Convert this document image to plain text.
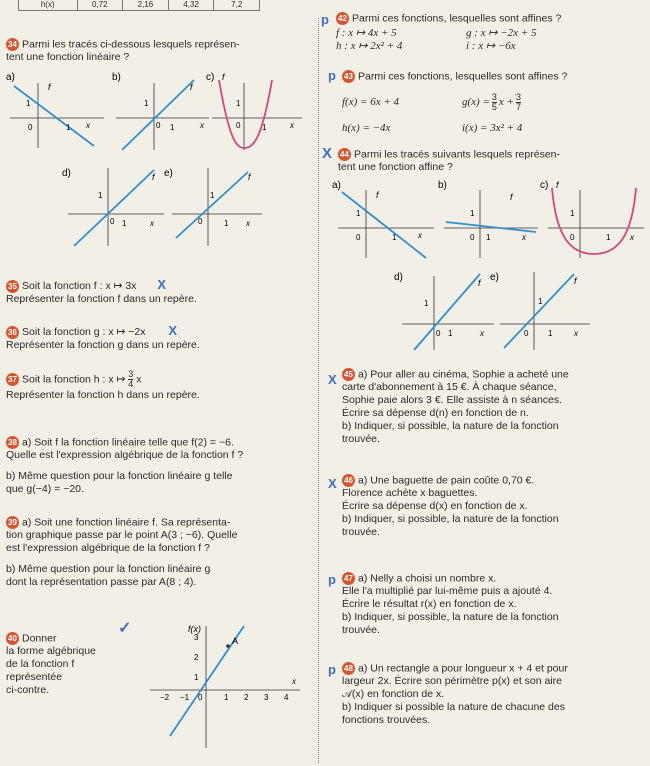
h(x)	0,72	2,16	4,32	7,2
34 Parmi les tracés ci-dessous lesquels représen-
tent une fonction linéaire ?
a)
f
1
0	1 x
b)
f
1
0 1	x
c) f
1
0	1	x
d)	f
1
0 1	x
e)	f
1
0	1 x
35 Soit la fonction f : x ↦ 3x X
Représenter la fonction f dans un repère.
36 Soit la fonction g : x ↦ −2x X
Représenter la fonction g dans un repère.
37 Soit la fonction h : x ↦ $\frac{3}{4}$ x
Représenter la fonction h dans un repère.
38 a) Soit f la fonction linéaire telle que f(2) = −6.
Quelle est l'expression algébrique de la fonction f ?

b) Même question pour la fonction linéaire g telle
que g(−4) = −20.
39 a) Soit une fonction linéaire f. Sa représenta-
tion graphique passe par le point A(3 ; −6). Quelle
est l'expression algébrique de la fonction f ?

b) Même question pour la fonction linéaire g
dont la représentation passe par A(8 ; 4).
40 Donner
la forme algébrique
de la fonction f
représentée
ci-contre.
✓	f(x)
A
3
2
1
0
−2 −1	1 2 3 4
x
p 42 Parmi ces fonctions, lesquelles sont affines ?
f : x ↦ 4x + 5	g : x ↦ −2x + 5
h : x ↦ 2x² + 4	i : x ↦ −6x
p 43 Parmi ces fonctions, lesquelles sont affines ?
f(x) = 6x + 4	$g(x) = \frac{3}{5}$ $x + \frac{3}{7}$
h(x) = −4x	i(x) = 3x² + 4
X 44 Parmi les tracés suivants lesquels représen-
tent une fonction affine ?
a)
f
1
0	1	x
b)
f
1
0 1	x
c) f
1
0	1 x
d)	f
1
0 1	x
e)	f
1
0 1	x
X 45 a) Pour aller au cinéma, Sophie a acheté une
carte d'abonnement à 15 €. À chaque séance,
Sophie paie alors 3 €. Elle assiste à n séances.
Écrire sa dépense d(n) en fonction de n.
b) Indiquer, si possible, la nature de la fonction
trouvée.
X 46 a) Une baguette de pain coûte 0,70 €.
Florence achète x baguettes.
Écrire sa dépense d(x) en fonction de x.
b) Indiquer, si possible, la nature de la fonction
trouvée.
p 47 a) Nelly a choisi un nombre x.
Elle l'a multiplié par lui-même puis a ajouté 4.
Écrire le résultat r(x) en fonction de x.
b) Indiquer, si possible, la nature de la fonction
trouvée.
p 48 a) Un rectangle a pour longueur x + 4 et pour
largeur 2x. Écrire son périmètre p(x) et son aire
𝒜(x) en fonction de x.
b) Indiquer si possible la nature de chacune des
fonctions trouvées.
